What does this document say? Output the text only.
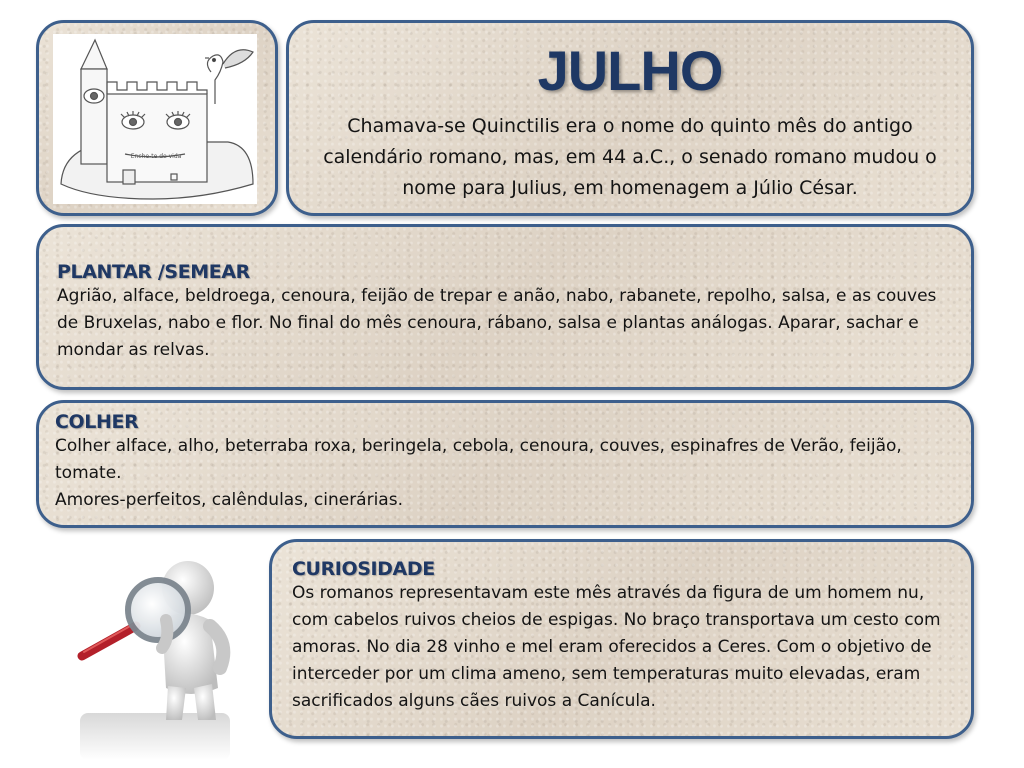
Enche-te de vida
JULHO
Chamava-se Quinctilis era o nome do quinto mês do antigo calendário romano, mas, em 44 a.C., o senado romano mudou o nome para Julius, em homenagem a Júlio César.

PLANTAR /SEMEAR

Agrião, alface, beldroega, cenoura, feijão de trepar e anão, nabo, rabanete, repolho, salsa, e as couves de Bruxelas, nabo e flor. No final do mês cenoura, rábano, salsa e plantas análogas. Aparar, sachar e mondar as relvas.

COLHER

Colher alface, alho, beterraba roxa, beringela, cebola, cenoura, couves, espinafres de Verão, feijão, tomate.

Amores-perfeitos, calêndulas, cinerárias.

CURIOSIDADE

Os romanos representavam este mês através da figura de um homem nu, com cabelos ruivos cheios de espigas. No braço transportava um cesto com amoras. No dia 28 vinho e mel eram oferecidos a Ceres. Com o objetivo de interceder por um clima ameno, sem temperaturas muito elevadas, eram sacrificados alguns cães ruivos a Canícula.
